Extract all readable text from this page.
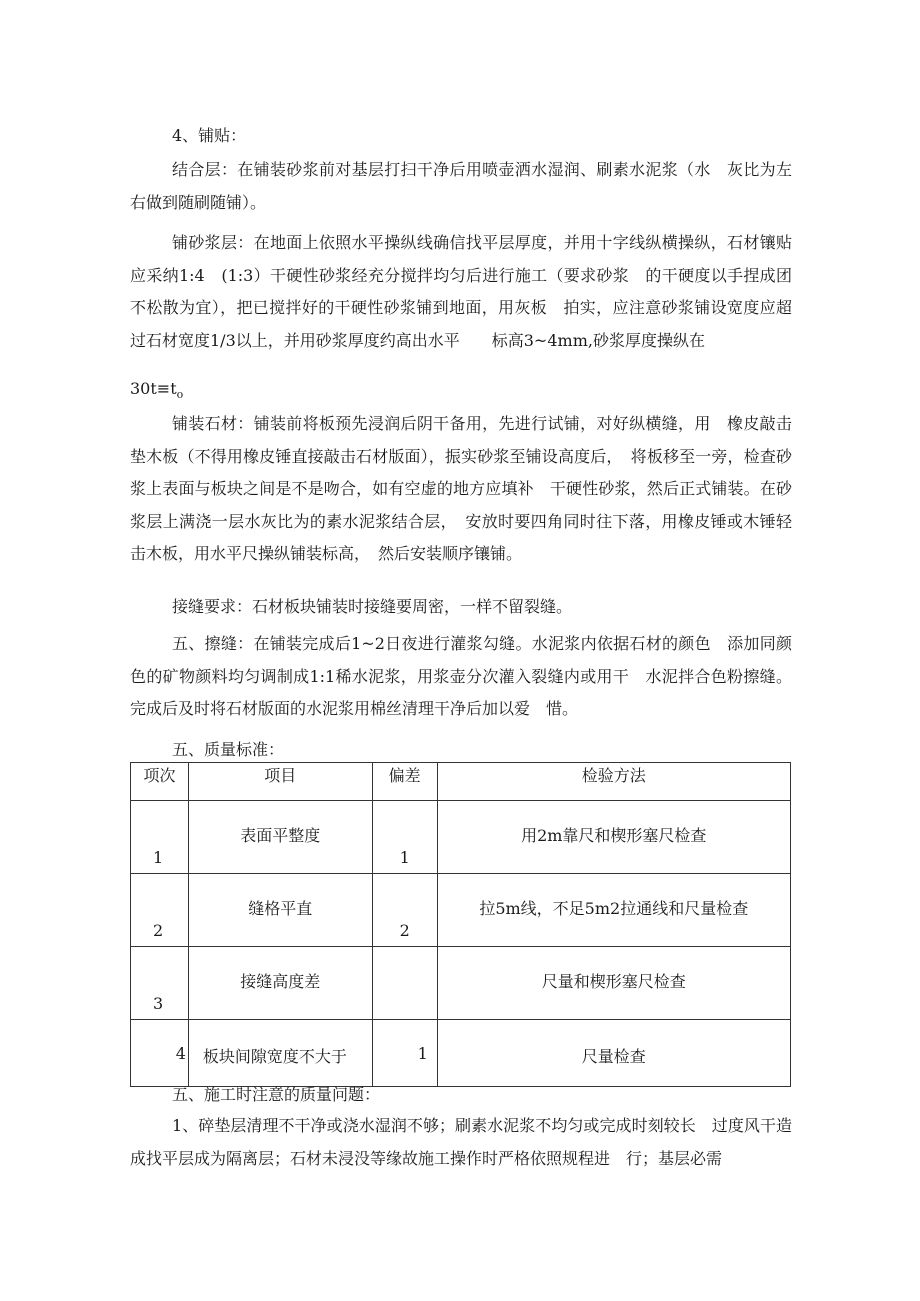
4、铺贴：

结合层：在铺装砂浆前对基层打扫干净后用喷壶洒水湿润、刷素水泥浆（水　灰比为左右做到随刷随铺）。

铺砂浆层：在地面上依照水平操纵线确信找平层厚度，并用十字线纵横操纵，石材镶贴应采纳1:4　(1:3）干硬性砂浆经充分搅拌均匀后进行施工（要求砂浆　的干硬度以手捏成团不松散为宜），把已搅拌好的干硬性砂浆铺到地面，用灰板　拍实，应注意砂浆铺设宽度应超过石材宽度1/3以上，并用砂浆厚度约高出水平　　标高3~4mm,砂浆厚度操纵在

$30t\equiv t_o$

铺装石材：铺装前将板预先浸润后阴干备用，先进行试铺，对好纵横缝，用　橡皮敲击垫木板（不得用橡皮锤直接敲击石材版面），振实砂浆至铺设高度后，　将板移至一旁，检查砂浆上表面与板块之间是不是吻合，如有空虚的地方应填补　干硬性砂浆，然后正式铺装。在砂浆层上满浇一层水灰比为的素水泥浆结合层，　安放时要四角同时往下落，用橡皮锤或木锤轻击木板，用水平尺操纵铺装标高，　然后安装顺序镶铺。

接缝要求：石材板块铺装时接缝要周密，一样不留裂缝。

五、擦缝：在铺装完成后1~2日夜进行灌浆勾缝。水泥浆内依据石材的颜色　添加同颜色的矿物颜料均匀调制成1:1稀水泥浆，用浆壶分次灌入裂缝内或用干　水泥拌合色粉擦缝。完成后及时将石材版面的水泥浆用棉丝清理干净后加以爱　惜。

五、质量标准：

项次	项目	偏差	检验方法

1	表面平整度	1	用2m靠尺和楔形塞尺检查

2	缝格平直	2	拉5m线，不足5m2拉通线和尺量检查

3	接缝高度差		尺量和楔形塞尺检查

4	板块间隙宽度不大于	1	尺量检查

五、施工时注意的质量问题：

1、碎垫层清理不干净或浇水湿润不够；刷素水泥浆不均匀或完成时刻较长　过度风干造成找平层成为隔离层；石材未浸没等缘故施工操作时严格依照规程进　行；基层必需
